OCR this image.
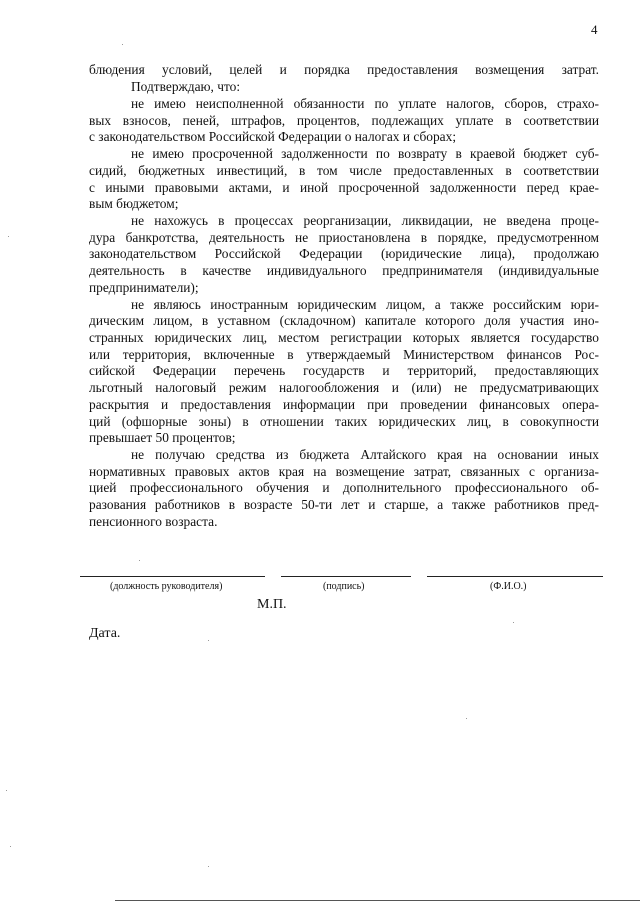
4
блюдения условий, целей и порядка предоставления возмещения затрат.
Подтверждаю, что:
не имею неисполненной обязанности по уплате налогов, сборов, страхо-
вых взносов, пеней, штрафов, процентов, подлежащих уплате в соответствии
с законодательством Российской Федерации о налогах и сборах;
не имею просроченной задолженности по возврату в краевой бюджет суб-
сидий, бюджетных инвестиций, в том числе предоставленных в соответствии
с иными правовыми актами, и иной просроченной задолженности перед крае-
вым бюджетом;
не нахожусь в процессах реорганизации, ликвидации, не введена проце-
дура банкротства, деятельность не приостановлена в порядке, предусмотренном
законодательством Российской Федерации (юридические лица), продолжаю
деятельность в качестве индивидуального предпринимателя (индивидуальные
предприниматели);
не являюсь иностранным юридическим лицом, а также российским юри-
дическим лицом, в уставном (складочном) капитале которого доля участия ино-
странных юридических лиц, местом регистрации которых является государство
или территория, включенные в утверждаемый Министерством финансов Рос-
сийской Федерации перечень государств и территорий, предоставляющих
льготный налоговый режим налогообложения и (или) не предусматривающих
раскрытия и предоставления информации при проведении финансовых опера-
ций (офшорные зоны) в отношении таких юридических лиц, в совокупности
превышает 50 процентов;
не получаю средства из бюджета Алтайского края на основании иных
нормативных правовых актов края на возмещение затрат, связанных с организа-
цией профессионального обучения и дополнительного профессионального об-
разования работников в возрасте 50-ти лет и старше, а также работников пред-
пенсионного возраста.
(должность руководителя)	(подпись)	(Ф.И.О.)
М.П.
Дата.
